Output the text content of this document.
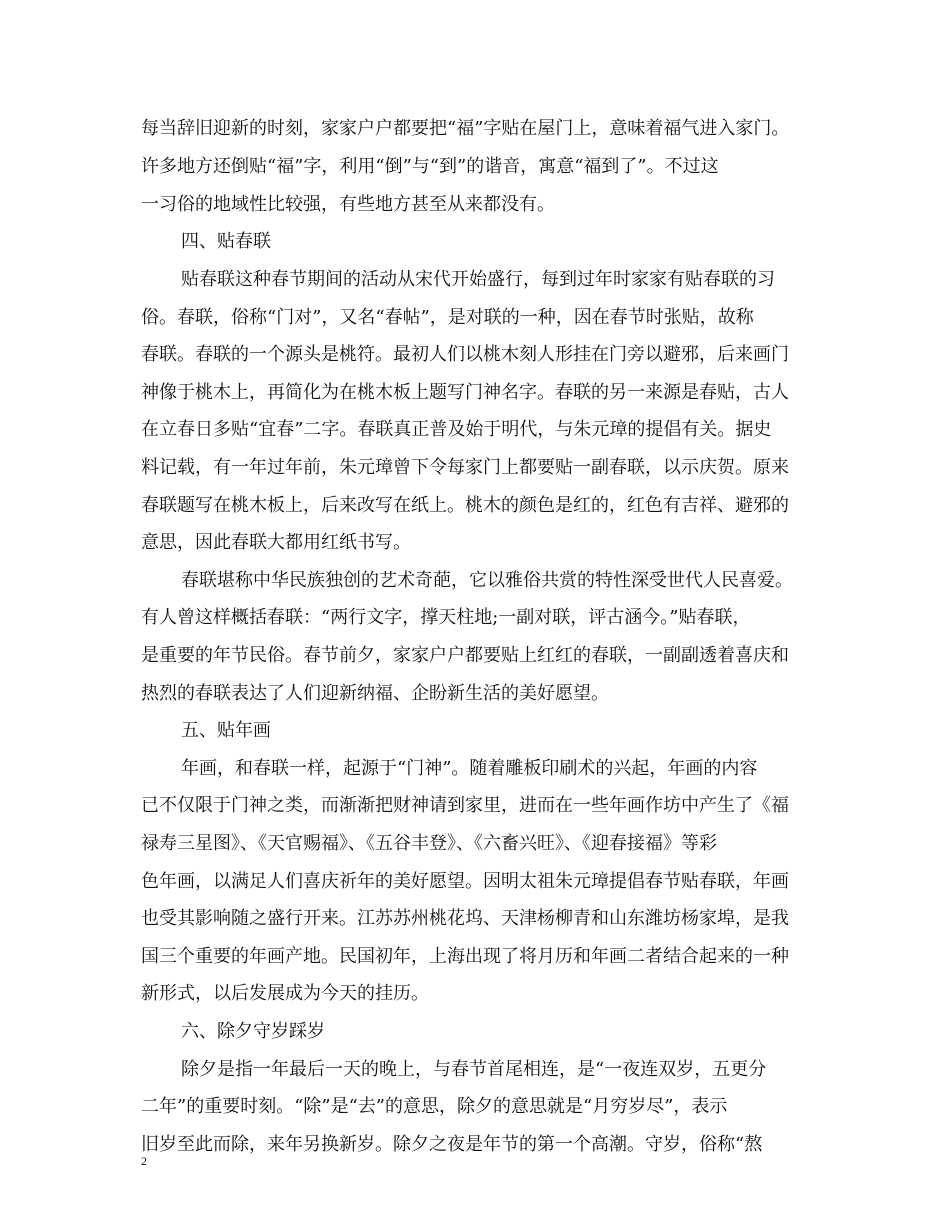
每当辞旧迎新的时刻，家家户户都要把“福”字贴在屋门上，意味着福气进入家门。
许多地方还倒贴“福”字，利用“倒”与“到”的谐音，寓意“福到了”。不过这
一习俗的地域性比较强，有些地方甚至从来都没有。
四、贴春联
贴春联这种春节期间的活动从宋代开始盛行，每到过年时家家有贴春联的习
俗。春联，俗称“门对”，又名“春帖”，是对联的一种，因在春节时张贴，故称
春联。春联的一个源头是桃符。最初人们以桃木刻人形挂在门旁以避邪，后来画门
神像于桃木上，再简化为在桃木板上题写门神名字。春联的另一来源是春贴，古人
在立春日多贴“宜春”二字。春联真正普及始于明代，与朱元璋的提倡有关。据史
料记载，有一年过年前，朱元璋曾下令每家门上都要贴一副春联，以示庆贺。原来
春联题写在桃木板上，后来改写在纸上。桃木的颜色是红的，红色有吉祥、避邪的
意思，因此春联大都用红纸书写。
春联堪称中华民族独创的艺术奇葩，它以雅俗共赏的特性深受世代人民喜爱。
有人曾这样概括春联：“两行文字，撑天柱地;一副对联，评古涵今。”贴春联，
是重要的年节民俗。春节前夕，家家户户都要贴上红红的春联，一副副透着喜庆和
热烈的春联表达了人们迎新纳福、企盼新生活的美好愿望。
五、贴年画
年画，和春联一样，起源于“门神”。随着雕板印刷术的兴起，年画的内容
已不仅限于门神之类，而渐渐把财神请到家里，进而在一些年画作坊中产生了《福
禄寿三星图》、《天官赐福》、《五谷丰登》、《六畜兴旺》、《迎春接福》等彩
色年画，以满足人们喜庆祈年的美好愿望。因明太祖朱元璋提倡春节贴春联，年画
也受其影响随之盛行开来。江苏苏州桃花坞、天津杨柳青和山东潍坊杨家埠，是我
国三个重要的年画产地。民国初年，上海出现了将月历和年画二者结合起来的一种
新形式，以后发展成为今天的挂历。
六、除夕守岁踩岁
除夕是指一年最后一天的晚上，与春节首尾相连，是“一夜连双岁，五更分
二年”的重要时刻。“除”是“去”的意思，除夕的意思就是“月穷岁尽”，表示
旧岁至此而除，来年另换新岁。除夕之夜是年节的第一个高潮。守岁，俗称“熬
2
